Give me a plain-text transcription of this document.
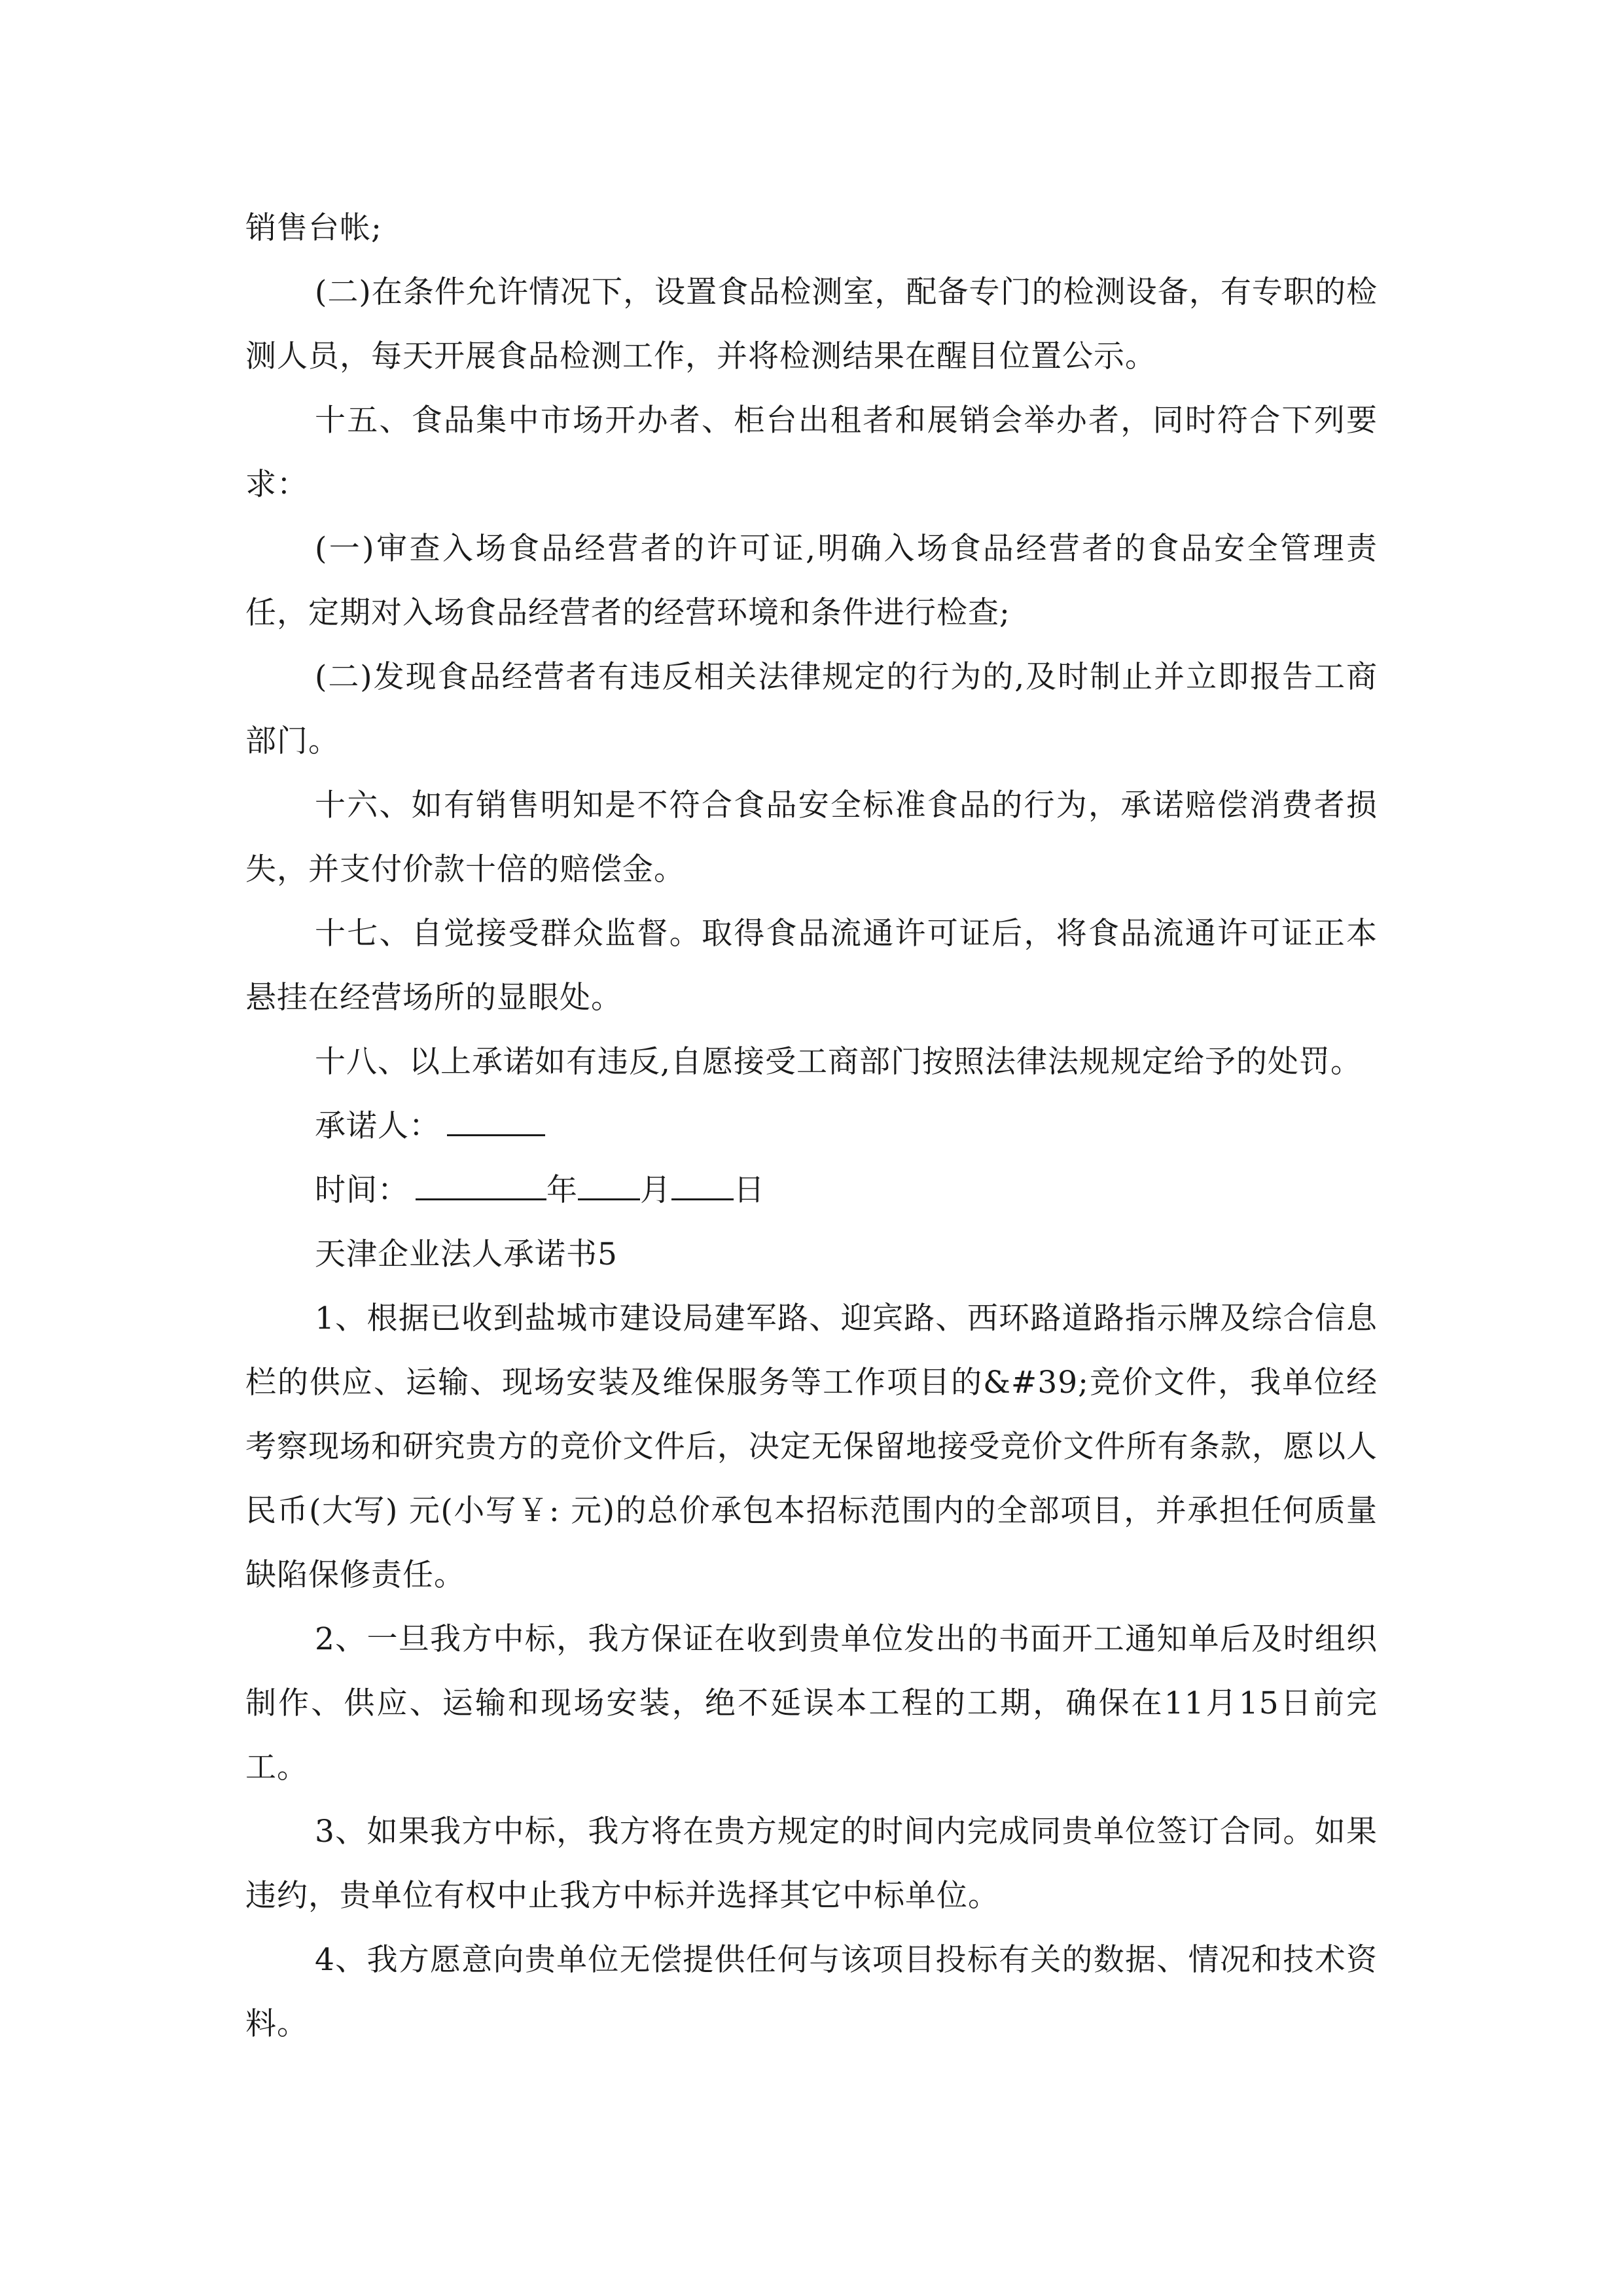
销售台帐;

(二)在条件允许情况下，设置食品检测室，配备专门的检测设备，有专职的检测人员，每天开展食品检测工作，并将检测结果在醒目位置公示。

十五、食品集中市场开办者、柜台出租者和展销会举办者，同时符合下列要求：

(一)审查入场食品经营者的许可证,明确入场食品经营者的食品安全管理责任，定期对入场食品经营者的经营环境和条件进行检查;

(二)发现食品经营者有违反相关法律规定的行为的,及时制止并立即报告工商部门。

十六、如有销售明知是不符合食品安全标准食品的行为，承诺赔偿消费者损失，并支付价款十倍的赔偿金。

十七、自觉接受群众监督。取得食品流通许可证后，将食品流通许可证正本悬挂在经营场所的显眼处。

十八、以上承诺如有违反,自愿接受工商部门按照法律法规规定给予的处罚。

承诺人：

时间：	年 月 日

天津企业法人承诺书5

1、根据已收到盐城市建设局建军路、迎宾路、西环路道路指示牌及综合信息栏的供应、运输、现场安装及维保服务等工作项目的&#39;竞价文件，我单位经考察现场和研究贵方的竞价文件后，决定无保留地接受竞价文件所有条款，愿以人民币(大写) 元(小写￥: 元)的总价承包本招标范围内的全部项目，并承担任何质量缺陷保修责任。

2、一旦我方中标，我方保证在收到贵单位发出的书面开工通知单后及时组织制作、供应、运输和现场安装，绝不延误本工程的工期，确保在11月15日前完工。

3、如果我方中标，我方将在贵方规定的时间内完成同贵单位签订合同。如果违约，贵单位有权中止我方中标并选择其它中标单位。

4、我方愿意向贵单位无偿提供任何与该项目投标有关的数据、情况和技术资料。
